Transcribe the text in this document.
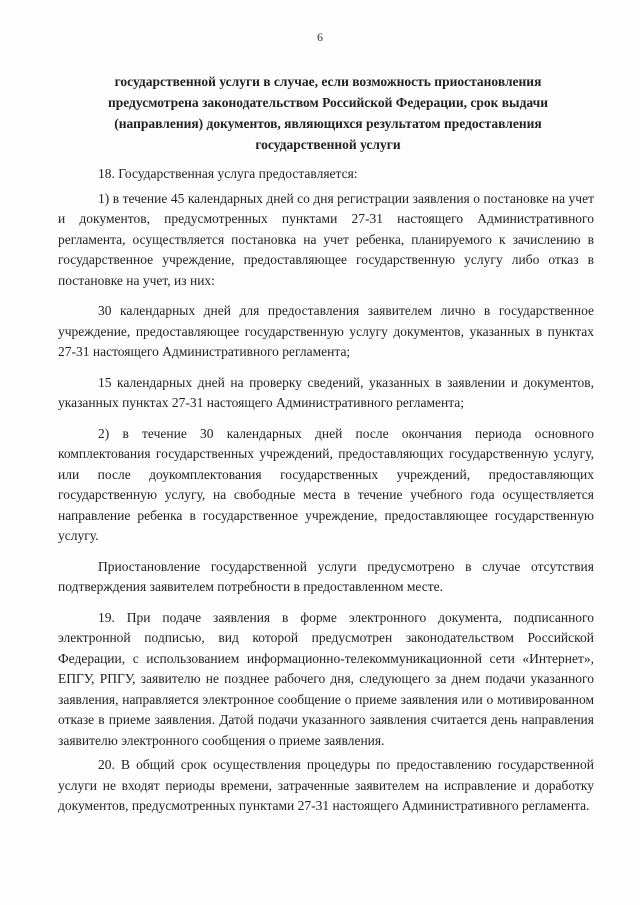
6
государственной услуги в случае, если возможность приостановления предусмотрена законодательством Российской Федерации, срок выдачи (направления) документов, являющихся результатом предоставления государственной услуги

18. Государственная услуга предоставляется:

1) в течение 45 календарных дней со дня регистрации заявления о постановке на учет и документов, предусмотренных пунктами 27-31 настоящего Административного регламента, осуществляется постановка на учет ребенка, планируемого к зачислению в государственное учреждение, предоставляющее государственную услугу либо отказ в постановке на учет, из них:

30 календарных дней для предоставления заявителем лично в государственное учреждение, предоставляющее государственную услугу документов, указанных в пунктах 27-31 настоящего Административного регламента;

15 календарных дней на проверку сведений, указанных в заявлении и документов, указанных пунктах 27-31 настоящего Административного регламента;

2) в течение 30 календарных дней после окончания периода основного комплектования государственных учреждений, предоставляющих государственную услугу, или после доукомплектования государственных учреждений, предоставляющих государственную услугу, на свободные места в течение учебного года осуществляется направление ребенка в государственное учреждение, предоставляющее государственную услугу.

Приостановление государственной услуги предусмотрено в случае отсутствия подтверждения заявителем потребности в предоставленном месте.

19. При подаче заявления в форме электронного документа, подписанного электронной подписью, вид которой предусмотрен законодательством Российской Федерации, с использованием информационно-телекоммуникационной сети «Интернет», ЕПГУ, РПГУ, заявителю не позднее рабочего дня, следующего за днем подачи указанного заявления, направляется электронное сообщение о приеме заявления или о мотивированном отказе в приеме заявления. Датой подачи указанного заявления считается день направления заявителю электронного сообщения о приеме заявления.

20. В общий срок осуществления процедуры по предоставлению государственной услуги не входят периоды времени, затраченные заявителем на исправление и доработку документов, предусмотренных пунктами 27-31 настоящего Административного регламента.
